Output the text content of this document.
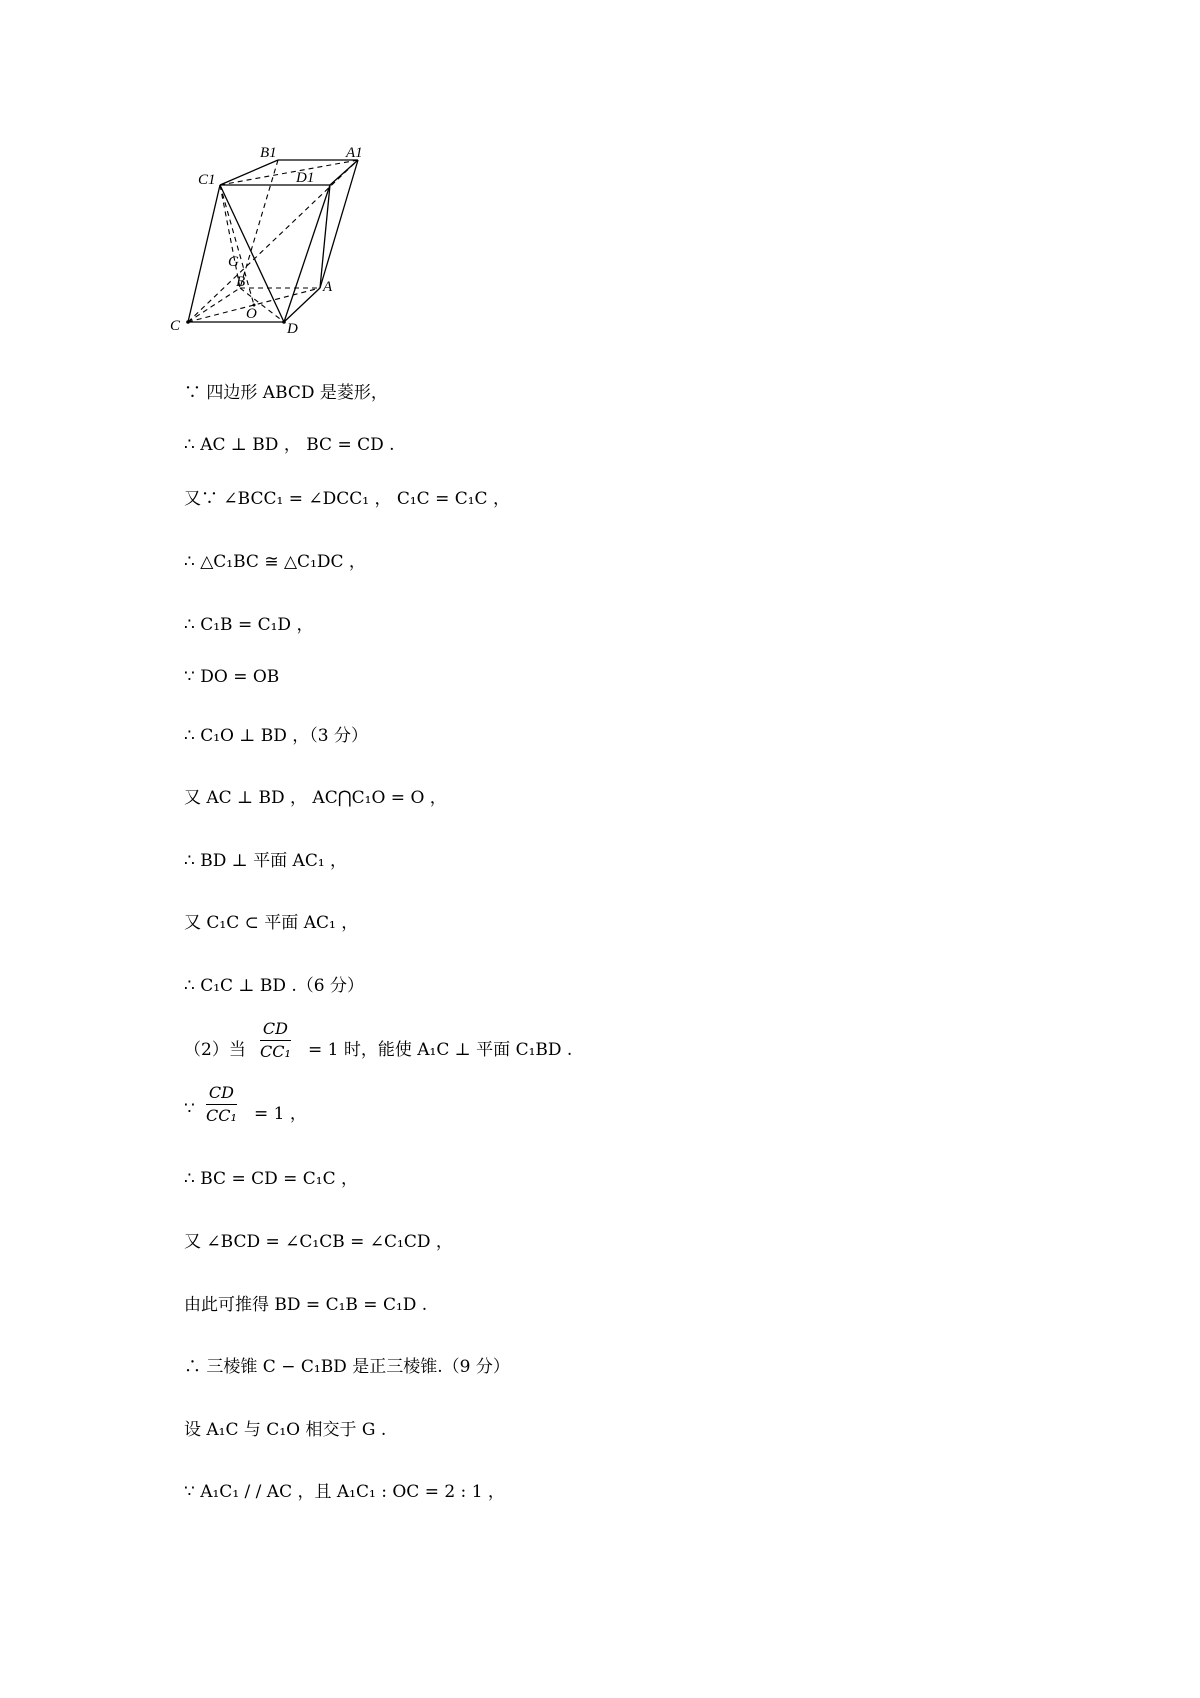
B1	A1
C1	D1
G
B	A
C
O
D
∵ 四边形 ABCD 是菱形，
∴ AC ⊥ BD ， BC = CD .
又∵ ∠BCC₁ = ∠DCC₁ ， C₁C = C₁C ，
∴ △C₁BC ≅ △C₁DC ，
∴ C₁B = C₁D ，
∵ DO = OB
∴ C₁O ⊥ BD ，（3 分）
又 AC ⊥ BD ， AC⋂C₁O = O ，
∴ BD ⊥ 平面 AC₁ ，
又 C₁C ⊂ 平面 AC₁ ，
∴ C₁C ⊥ BD .（6 分）
（2）当 $\frac{CD}{\text{CC₁}} = 1$ 时，能使 A₁C ⊥ 平面 C₁BD .
∵ $\frac{CD}{\text{CC₁}} = 1$ ，
∴ BC = CD = C₁C ，
又 ∠BCD = ∠C₁CB = ∠C₁CD ，
由此可推得 BD = C₁B = C₁D .
∴ 三棱锥 C − C₁BD 是正三棱锥.（9 分）
设 A₁C 与 C₁O 相交于 G .
∵ A₁C₁ / / AC ，且 A₁C₁ : OC = 2 : 1 ，
